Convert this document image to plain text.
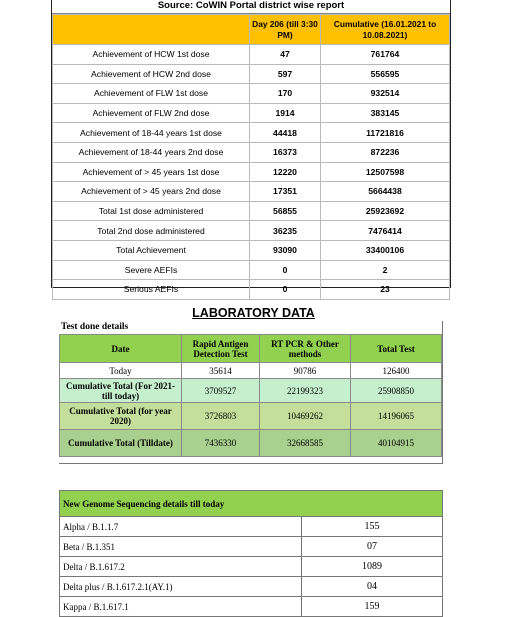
Source: CoWIN Portal district wise report
	Day 206 (till 3:30 PM)	Cumulative (16.01.2021 to 10.08.2021)
Achievement of HCW 1st dose	47	761764
Achievement of HCW 2nd dose	597	556595
Achievement of FLW 1st dose	170	932514
Achievement of FLW 2nd dose	1914	383145
Achievement of 18-44 years 1st dose	44418	11721816
Achievement of 18-44 years 2nd dose	16373	872236
Achievement of > 45 years 1st dose	12220	12507598
Achievement of > 45 years 2nd dose	17351	5664438
Total 1st dose administered	56855	25923692
Total 2nd dose administered	36235	7476414
Total Achievement	93090	33400106
Severe AEFIs	0	2
Serious AEFIs	0	23
LABORATORY DATA
Test done details
Date	Rapid Antigen Detection Test	RT PCR & Other methods	Total Test
Today	35614	90786	126400
Cumulative Total (For 2021- till today)	3709527	22199323	25908850
Cumulative Total (for year 2020)	3726803	10469262	14196065
Cumulative Total (Tilldate)	7436330	32668585	40104915
New Genome Sequencing details till today	
Alpha / B.1.1.7	155
Beta / B.1.351	07
Delta / B.1.617.2	1089
Delta plus / B.1.617.2.1(AY.1)	04
Kappa / B.1.617.1	159
